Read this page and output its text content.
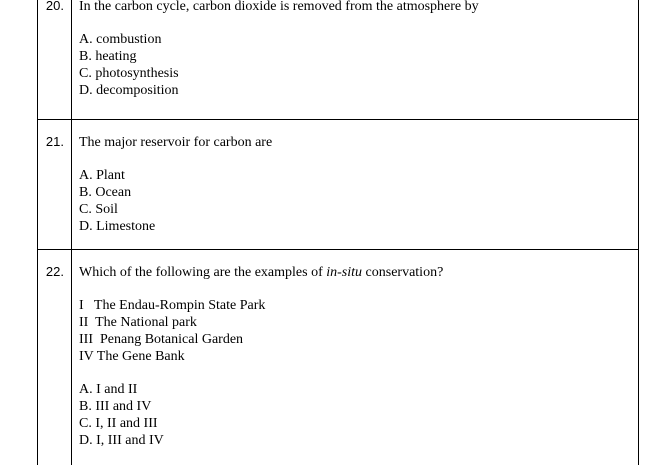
20.	In the carbon cycle, carbon dioxide is removed from the atmosphere by
A. combustion
B. heating
C. photosynthesis
D. decomposition
21.	The major reservoir for carbon are
A. Plant
B. Ocean
C. Soil
D. Limestone
22.	Which of the following are the examples of in-situ conservation?
I   The Endau-Rompin State Park
II  The National park
III  Penang Botanical Garden
IV The Gene Bank
A. I and II
B. III and IV
C. I, II and III
D. I, III and IV
